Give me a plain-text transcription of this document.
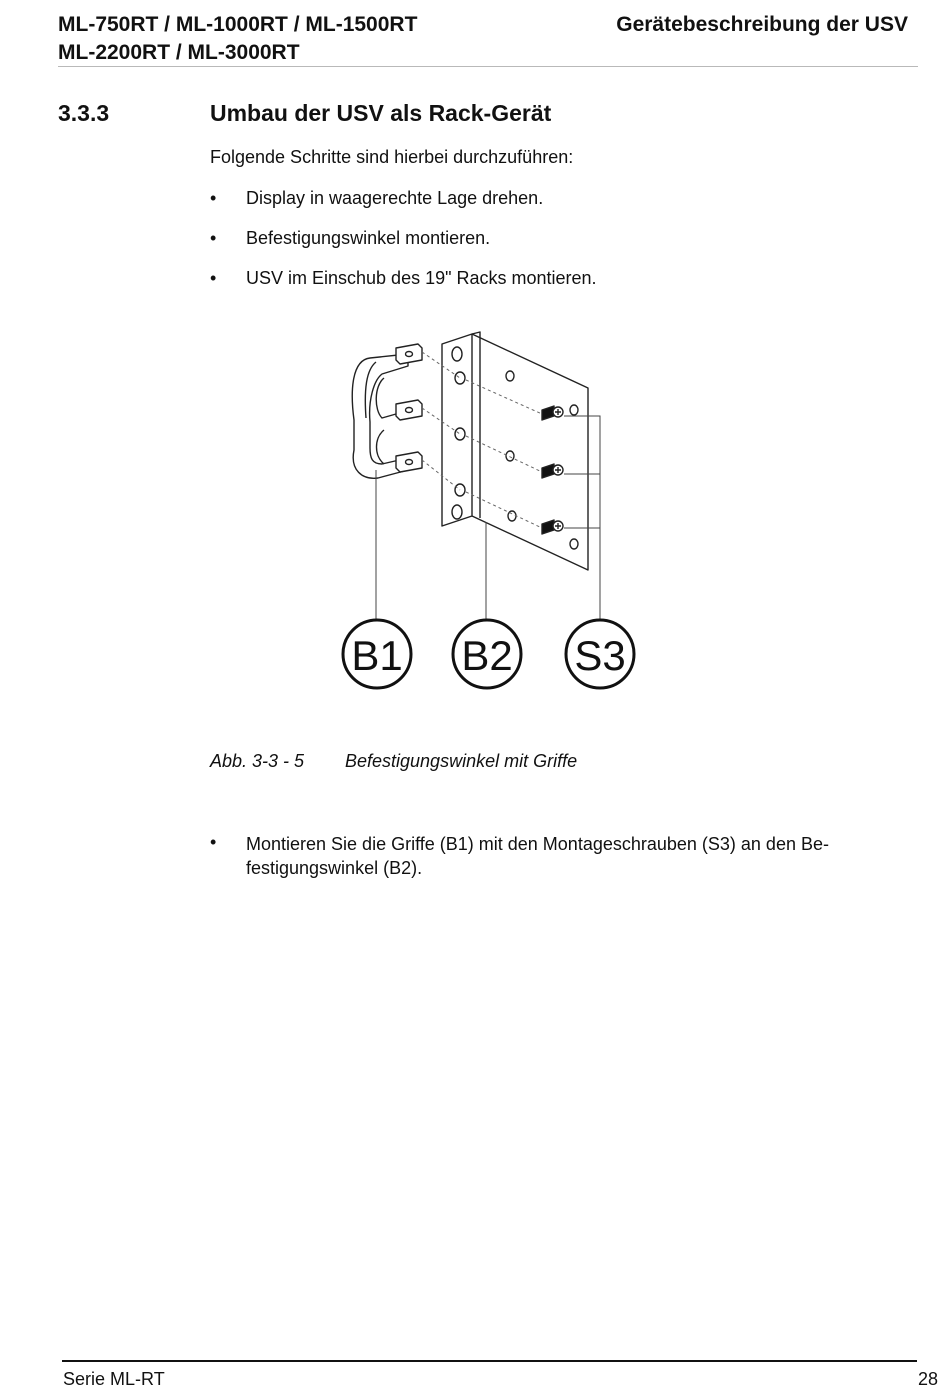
ML-750RT / ML-1000RT / ML-1500RT
ML-2200RT / ML-3000RT
Gerätebeschreibung der USV
3.3.3	Umbau der USV als Rack-Gerät
Folgende Schritte sind hierbei durchzuführen:
• Display in waagerechte Lage drehen.
• Befestigungswinkel montieren.
• USV im Einschub des 19" Racks montieren.
B1 B2 S3
Abb. 3-3 - 5 Befestigungswinkel mit Griffe
• Montieren Sie die Griffe (B1) mit den Montageschrauben (S3) an den Be-festigungswinkel (B2).
Serie ML-RT	28
